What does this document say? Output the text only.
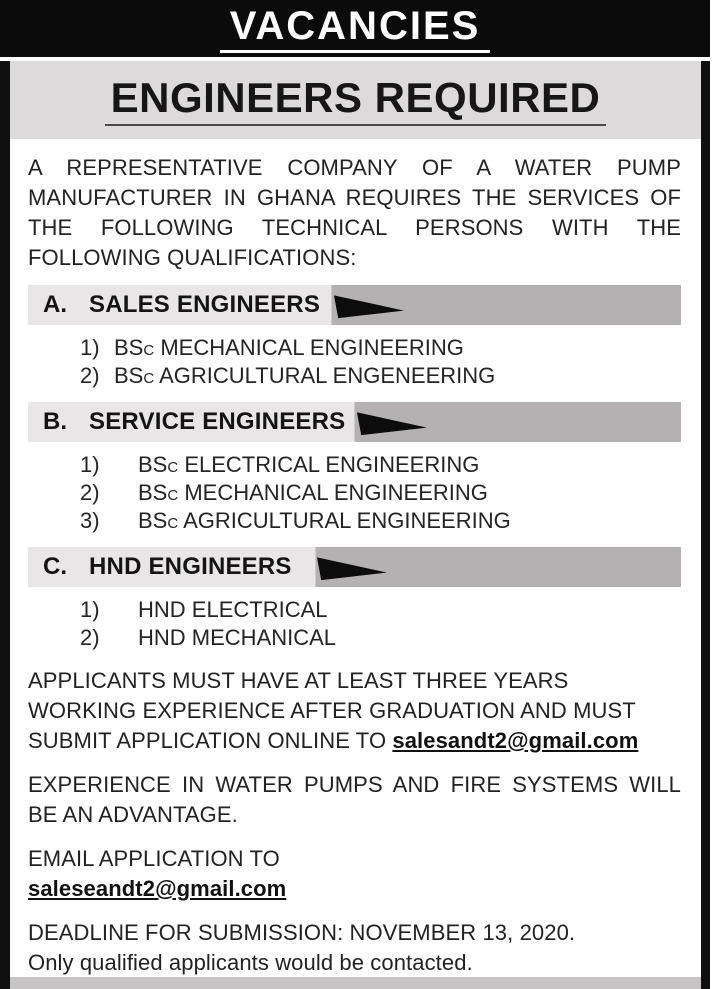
VACANCIES
ENGINEERS REQUIRED

A REPRESENTATIVE COMPANY OF A WATER PUMP MANUFACTURER IN GHANA REQUIRES THE SERVICES OF THE FOLLOWING TECHNICAL PERSONS WITH THE FOLLOWING QUALIFICATIONS:

A. SALES ENGINEERS
1) BSc MECHANICAL ENGINEERING
2) BSc AGRICULTURAL ENGENEERING
B. SERVICE ENGINEERS
1)	BSc ELECTRICAL ENGINEERING
2)	BSc MECHANICAL ENGINEERING
3)	BSc AGRICULTURAL ENGINEERING
C. HND ENGINEERS
1)	HND ELECTRICAL
2)	HND MECHANICAL

APPLICANTS MUST HAVE AT LEAST THREE YEARS WORKING EXPERIENCE AFTER GRADUATION AND MUST SUBMIT APPLICATION ONLINE TO salesandt2@gmail.com

EXPERIENCE IN WATER PUMPS AND FIRE SYSTEMS WILL BE AN ADVANTAGE.

EMAIL APPLICATION TO
saleseandt2@gmail.com

DEADLINE FOR SUBMISSION: NOVEMBER 13, 2020.
Only qualified applicants would be contacted.
